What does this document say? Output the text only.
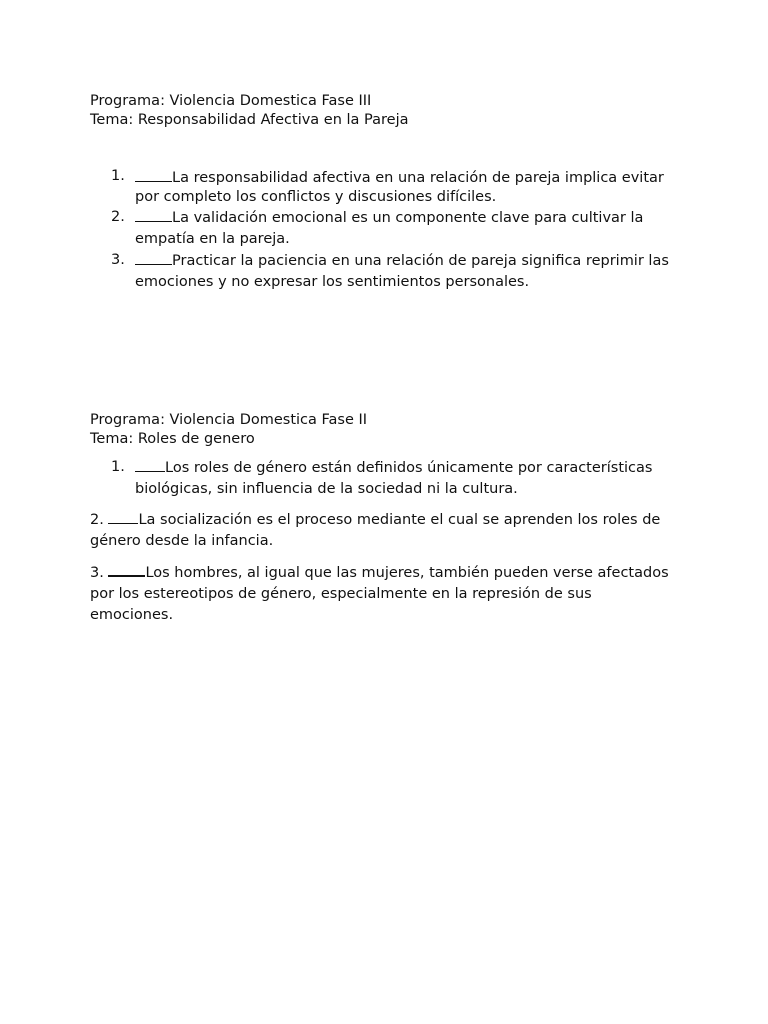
Programa: Violencia Domestica Fase III

Tema: Responsabilidad Afectiva en la Pareja

1.	La responsabilidad afectiva en una relación de pareja implica evitar por completo los conflictos y discusiones difíciles.
2.	La validación emocional es un componente clave para cultivar la empatía en la pareja.
3.	Practicar la paciencia en una relación de pareja significa reprimir las emociones y no expresar los sentimientos personales.

Programa: Violencia Domestica Fase II

Tema: Roles de genero

1.	Los roles de género están definidos únicamente por características biológicas, sin influencia de la sociedad ni la cultura.

2. La socialización es el proceso mediante el cual se aprenden los roles de género desde la infancia.

3.	Los hombres, al igual que las mujeres, también pueden verse afectados por los estereotipos de género, especialmente en la represión de sus emociones.
